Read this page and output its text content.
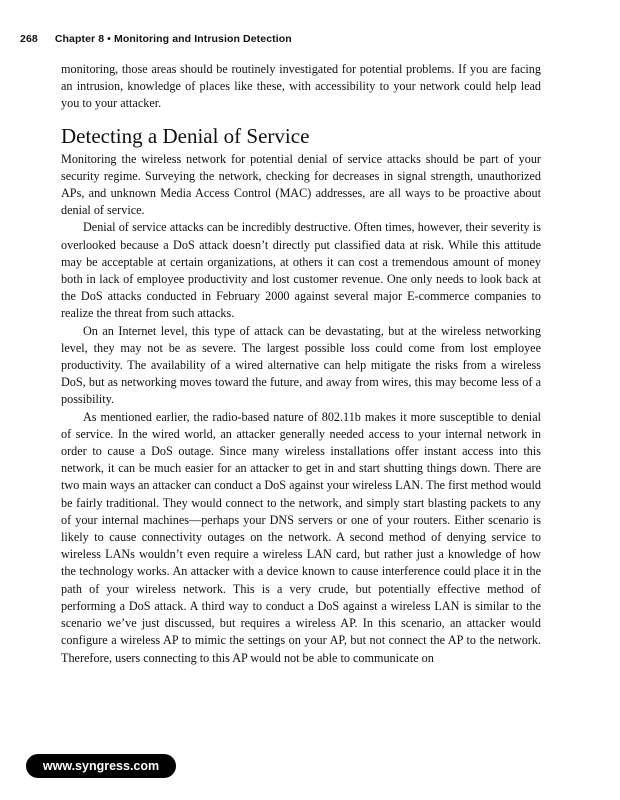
268 Chapter 8 • Monitoring and Intrusion Detection

monitoring, those areas should be routinely investigated for potential problems. If you are facing an intrusion, knowledge of places like these, with accessibility to your network could help lead you to your attacker.

Detecting a Denial of Service

Monitoring the wireless network for potential denial of service attacks should be part of your security regime. Surveying the network, checking for decreases in signal strength, unauthorized APs, and unknown Media Access Control (MAC) addresses, are all ways to be proactive about denial of service.

Denial of service attacks can be incredibly destructive. Often times, however, their severity is overlooked because a DoS attack doesn’t directly put classified data at risk. While this attitude may be acceptable at certain organizations, at others it can cost a tremendous amount of money both in lack of employee productivity and lost customer revenue. One only needs to look back at the DoS attacks conducted in February 2000 against several major E-commerce companies to realize the threat from such attacks.

On an Internet level, this type of attack can be devastating, but at the wireless networking level, they may not be as severe. The largest possible loss could come from lost employee productivity. The availability of a wired alternative can help mitigate the risks from a wireless DoS, but as networking moves toward the future, and away from wires, this may become less of a possibility.

As mentioned earlier, the radio-based nature of 802.11b makes it more susceptible to denial of service. In the wired world, an attacker generally needed access to your internal network in order to cause a DoS outage. Since many wireless installations offer instant access into this network, it can be much easier for an attacker to get in and start shutting things down. There are two main ways an attacker can conduct a DoS against your wireless LAN. The first method would be fairly traditional. They would connect to the network, and simply start blasting packets to any of your internal machines—perhaps your DNS servers or one of your routers. Either scenario is likely to cause connectivity outages on the network. A second method of denying service to wireless LANs wouldn’t even require a wireless LAN card, but rather just a knowledge of how the technology works. An attacker with a device known to cause interference could place it in the path of your wireless network. This is a very crude, but potentially effective method of performing a DoS attack. A third way to conduct a DoS against a wireless LAN is similar to the scenario we’ve just discussed, but requires a wireless AP. In this scenario, an attacker would configure a wireless AP to mimic the settings on your AP, but not connect the AP to the network. Therefore, users connecting to this AP would not be able to communicate on

www.syngress.com
